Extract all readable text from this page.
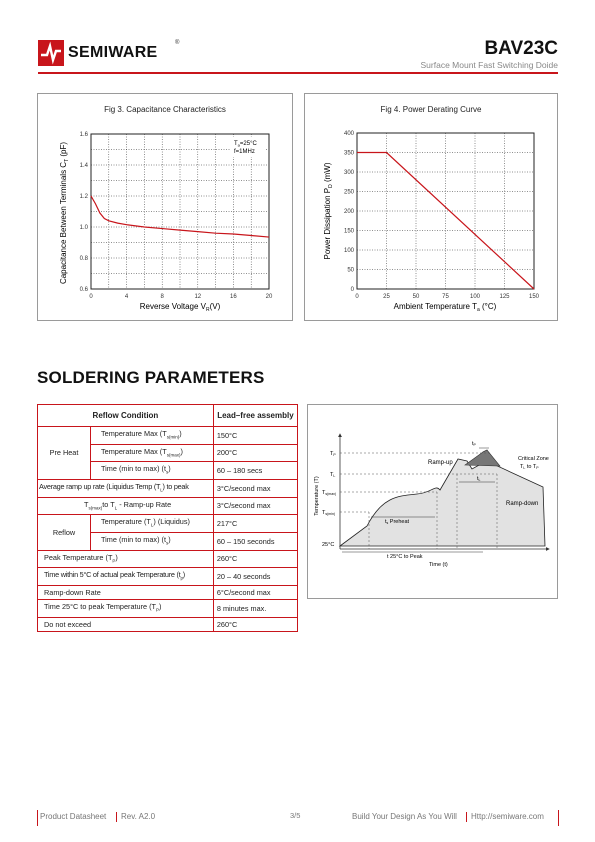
SEMIWARE
®	BAV23C
Surface Mount Fast Switching Doide
Fig 3. Capacitance Characteristics
0	4	8	12	16	20
0.6
0.8
1.0
1.2
1.4
1.6
Reverse Voltage $V_R(V)$
Capacitance Between Terminals $C_T$ (pF)	$T_a=25^\circ C$
f=1MHz
Fig 4. Power Derating Curve
0	25	50	75	100	125	150
0
50
100
150
200
250
300
350
400
Ambient Temperature $T_a$ (°C)
Power Dissipation $P_D$ (mW)
SOLDERING PARAMETERS
Reflow Condition		Lead–free assembly
Pre Heat	Temperature Max $(T_{s(min)})$	150°C
	Temperature Max $(T_{s(max)})$	200°C
	Time (min to max) $(t_s)$	60 – 180 secs
Average ramp up rate (Liquidus Temp $(T_L)$ to peak		3°C/second max
$T_{s(max)}to$ $T_L$ - Ramp-up Rate		3°C/second max
Reflow	Temperature $(T_L)$ (Liquidus)	217°C
	Time (min to max) $(t_s)$	60 – 150 seconds
Peak Temperature $(T_P)$		260°C
Time within 5°C of actual peak Temperature $(t_p)$		20 – 40 seconds
Ramp-down Rate		6°C/second max
Time 25°C to peak Temperature $(T_P)$		8 minutes max.
Do not exceed		260°C
TP
TL
Ts(max)
Ts(min)
25°C
Ramp-up
Ramp-down
Critical Zone
TL to TP
tP
tL
ts Preheat
t 25°C to Peak
Time (t)
Temperature (T)
Product Datasheet Rev. A2.0	3/5	Build Your Design As You Will Http://semiware.com
